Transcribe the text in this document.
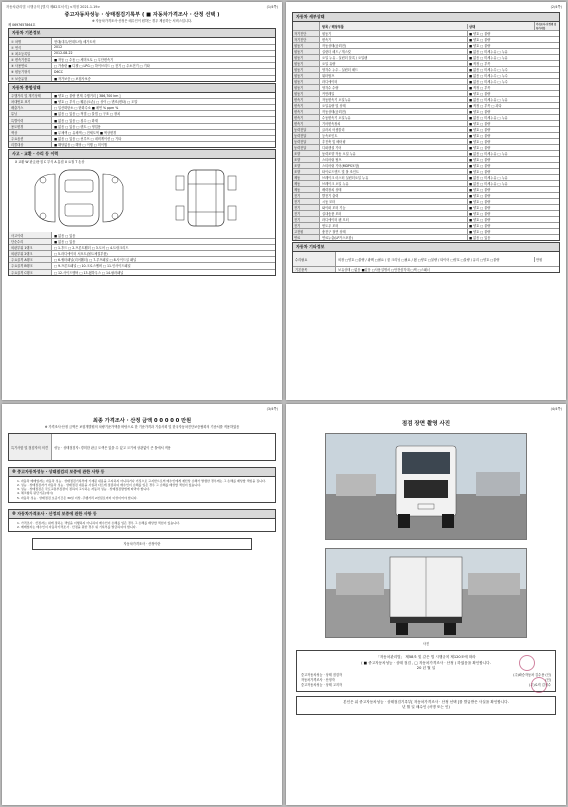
자동차관리법 시행규칙 [별지 제82호서식] <개정 2021.1.19>	(1/4쪽)
중고자동차성능 · 상태점검기록부 ( ■ 자동차가격조사 · 산정 선택 )
※ 자동차가격조사·산정은 매수인이 원하는 경우 제공하는 서비스입니다.
제 0697657864호
자동차 기본정보
① 차명	현대(대우/현대트럭) 메가트럭
② 연식	2012
③ 최초등록일	2012-08-22
④ 변속기종류	■ 자동 □ 수동 □ 세미오토 □ 무단변속기
⑤ 사용연료	□ 가솔린 ■ 디젤 □ LPG □ 하이브리드 □ 전기 □ 수소전기 □ 기타
⑥ 원동기형식	D6CC
⑦ 보증유형	■ 자가보증 □ 보험사보증
자동차 종합상태
주행거리 및 계기상태	■ 양호 □ 불량 현재 주행거리 [ 386,700 km ]
차대번호 표기	■ 양호 □ 부식 □ 훼손(오손) □ 상이 □ 변조(변타) □ 도말
배출가스	□ 일산화탄소 □ 탄화수소 ■ 매연 % ppm %
튜닝	■ 없음 □ 있음 □ 적법 □ 불법 □ 구조 □ 장치
특별이력	■ 없음 □ 있음 □ 침수 □ 화재
용도변경	■ 없음 □ 있음 □ 렌트 □ 영업용
색상	■ 무채색 □ 유채색 □ 전체도색 ■ 색상변경
주요옵션	■ 없음 □ 있음 □ 선루프 □ 네비게이션 □ 기타
리콜대상	■ 해당없음 □ 해당 □ 이행 □ 미이행
사고 · 교환 · 수리 등 이력
X 교환 W 판금/용접 C 부식 A 흠집 U 요철 T 손상
사고이력	■ 없음 □ 있음
단순수리	■ 없음 □ 있음
외판부위 1랭크	□ 1.후드 □ 2.프론트휀더 □ 3.도어 □ 4.트렁크리드
외판부위 2랭크	□ 5.라디에이터 서포트(볼트체결부품)
주요골격 A랭크	□ 6.쿼터패널(리어휀더) □ 7.루프패널 □ 8.사이드실 패널
주요골격 B랭크	□ 9.프론트패널 □ 10.크로스멤버 □ 11.인사이드패널
주요골격 C랭크	□ 12.사이드멤버 □ 13.휠하우스 □ 14.필러패널
(2/4쪽)
자동차 세부상태
항목 / 해당부품	상태	가격조사·산정액 및 특기사항
자기진단	원동기	■ 양호 □ 불량
자기진단	변속기	■ 양호 □ 불량
원동기	작동상태(공회전)	■ 양호 □ 불량
원동기	실린더 헤드 / 개스킷	■ 없음 □ 미세누유 □ 누유
원동기	오일 누유 - 실린더 블록 / 오일팬	■ 없음 □ 미세누유 □ 누유
원동기	오일 유량	■ 적정 □ 부족
원동기	냉각수 누수 - 실린더 헤드	■ 없음 □ 미세누수 □ 누수
원동기	워터펌프	■ 없음 □ 미세누수 □ 누수
원동기	라디에이터	■ 없음 □ 미세누수 □ 누수
원동기	냉각수 수량	■ 적정 □ 부족
원동기	커먼레일	■ 양호 □ 불량
변속기	자동변속기 오일누유	■ 없음 □ 미세누유 □ 누유
변속기	오일유량 및 상태	■ 적정 □ 부족 □ 과다
변속기	작동상태(공회전)	■ 양호 □ 불량
변속기	수동변속기 오일누유	■ 없음 □ 미세누유 □ 누유
변속기	기어변속장치	■ 양호 □ 불량
동력전달	클러치 어셈블리	■ 양호 □ 불량
동력전달	등속조인트	■ 양호 □ 불량
동력전달	추진축 및 베어링	■ 양호 □ 불량
동력전달	디퍼렌셜 기어	■ 양호 □ 불량
조향	동력조향 작동 오일 누유	■ 없음 □ 미세누유 □ 누유
조향	스티어링 펌프	■ 양호 □ 불량
조향	스티어링 기어(MDPS포함)	■ 양호 □ 불량
조향	타이로드엔드 및 볼 조인트	■ 양호 □ 불량
제동	브레이크 마스터 실린더오일 누유	■ 없음 □ 미세누유 □ 누유
제동	브레이크 오일 누유	■ 없음 □ 미세누유 □ 누유
제동	배력장치 상태	■ 양호 □ 불량
전기	발전기 출력	■ 양호 □ 불량
전기	시동 모터	■ 양호 □ 불량
전기	와이퍼 모터 기능	■ 양호 □ 불량
전기	실내송풍 모터	■ 양호 □ 불량
전기	라디에이터 팬 모터	■ 양호 □ 불량
전기	윈도우 모터	■ 양호 □ 불량
고전원	충전구 절연 상태	■ 양호 □ 불량
연료	연료누출(LP가스포함)	■ 없음 □ 있음
자동차 기타정보
수리필요	외장 □양호 □불량 / 광택 □필요 / 룸 크리닝 □필요 / 휠 □양호 □불량 / 타이어 □양호 □불량 / 유리 □양호 □불량	만원
기본품목	보유상태 □없음 ■있음 □사용설명서 □안전삼각대 □잭 □스패너
(3/4쪽)
최종 가격조사 · 산정 금액 0 0 0 0 0 만원
※ 가격조사·산정 금액은 보험개발원의 차량기준가액을 바탕으로 한 기준가격과 기술사회 및 한국자동차진단보증협회의 기준서를 적용하였음
특기사항 및 점검자의 의견	성능 · 상태점검자: 경미한 판금 도색은 있을 수 있고 크기에 상관없이 큰 틀에서 적용
※ 중고자동차성능 · 상태점검의 보증에 관한 사항 등
1. 자동차 매매업자는 자동차 성능 · 상태점검기록부에 기재된 내용을 고지하지 아니하거나 거짓으로 고지함으로써 매수인에게 재산상 손해가 발생한 경우에는 그 손해를 배상할 책임을 집니다.
2. 성능 · 상태점검자가 자동차 성능 · 상태점검 내용을 사실과 다르게 점검하여 매수인이 손해를 입은 경우 그 손해를 배상할 책임이 있습니다.
3. 성능 · 상태점검은 국토교통부장관이 정하여 고시하는 자동차 성능 · 상태점검방법에 따라야 합니다.
4. 체크항목 판단기준(예시)
5. 자동차 성능 · 상태점검 보증기간은 30일 이상, 주행거리 2천킬로미터 이상이어야 합니다.
※ 자동차가격조사 · 산정의 보증에 관한 사항 등
1. 가격조사 · 산정자는 위에 정하는 책임을 이행하지 아니하여 매수인이 손해를 입은 경우 그 손해를 배상할 책임이 있습니다.
2. 매매업자는 매수인이 자동차가격조사 · 산정을 원한 경우 위 기록부를 발급하여야 합니다.
자동차가격조사 · 산정이란
(4/4쪽)
점검 장면 촬영 사진
사진
「자동차관리법」 제58조 및 같은 법 시행규칙 제120조에 따라
( ■ 중고자동차성능 · 상태 점검 , □ 자동차가격조사 · 산정 ) 하였음을 확인합니다.
20 년 월 일
중고자동차성능 · 상태 점검자	(주)좌승자동차 김수용 (인)
자동차가격조사 · 산정자	(인)
중고자동차성능 · 상태 고지자	(주)로직 김정수
본인은 위 중고자동차성능 · 상태점검기록부[ 자동차가격조사 · 산정 선택 ]를 발급받은 사실을 확인합니다.
년 월 일 매수인 (서명 또는 인)
